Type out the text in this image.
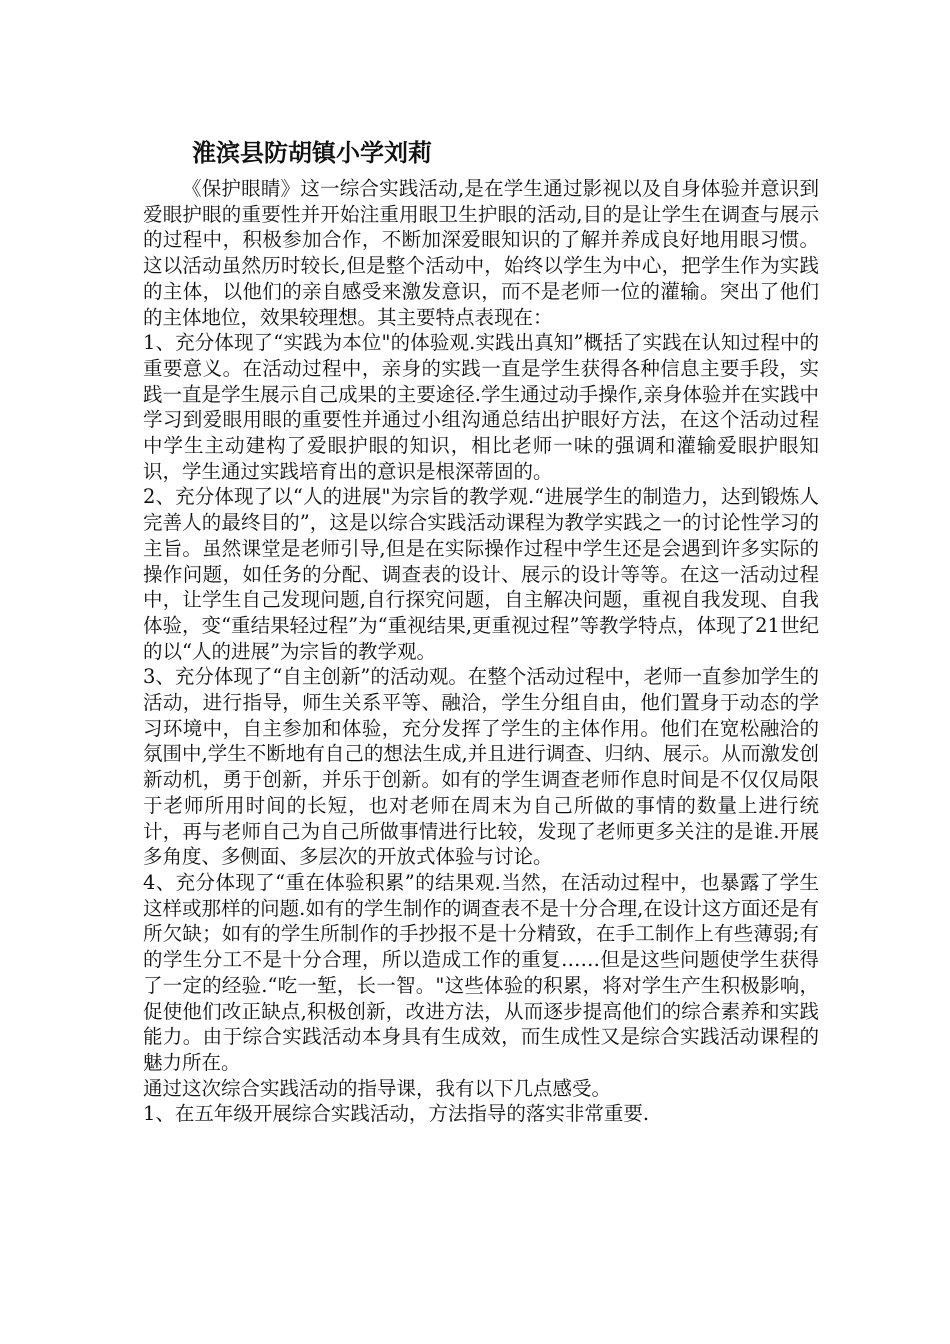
淮滨县防胡镇小学刘莉

《保护眼睛》这一综合实践活动,是在学生通过影视以及自身体验并意识到爱眼护眼的重要性并开始注重用眼卫生护眼的活动,目的是让学生在调查与展示的过程中，积极参加合作，不断加深爱眼知识的了解并养成良好地用眼习惯。这以活动虽然历时较长,但是整个活动中，始终以学生为中心，把学生作为实践的主体，以他们的亲自感受来激发意识，而不是老师一位的灌输。突出了他们的主体地位，效果较理想。其主要特点表现在：

1、充分体现了“实践为本位"的体验观.实践出真知”概括了实践在认知过程中的重要意义。在活动过程中，亲身的实践一直是学生获得各种信息主要手段，实践一直是学生展示自己成果的主要途径.学生通过动手操作,亲身体验并在实践中学习到爱眼用眼的重要性并通过小组沟通总结出护眼好方法，在这个活动过程中学生主动建构了爱眼护眼的知识，相比老师一味的强调和灌输爱眼护眼知识，学生通过实践培育出的意识是根深蒂固的。

2、充分体现了以“人的进展"为宗旨的教学观.“进展学生的制造力，达到锻炼人完善人的最终目的”，这是以综合实践活动课程为教学实践之一的讨论性学习的主旨。虽然课堂是老师引导,但是在实际操作过程中学生还是会遇到许多实际的操作问题，如任务的分配、调查表的设计、展示的设计等等。在这一活动过程中，让学生自己发现问题,自行探究问题，自主解决问题，重视自我发现、自我体验，变“重结果轻过程”为“重视结果,更重视过程”等教学特点，体现了21世纪的以“人的进展”为宗旨的教学观。

3、充分体现了“自主创新”的活动观。在整个活动过程中，老师一直参加学生的活动，进行指导，师生关系平等、融洽，学生分组自由，他们置身于动态的学习环境中，自主参加和体验，充分发挥了学生的主体作用。他们在宽松融洽的氛围中,学生不断地有自己的想法生成,并且进行调查、归纳、展示。从而激发创新动机，勇于创新，并乐于创新。如有的学生调查老师作息时间是不仅仅局限于老师所用时间的长短，也对老师在周末为自己所做的事情的数量上进行统计，再与老师自己为自己所做事情进行比较，发现了老师更多关注的是谁.开展多角度、多侧面、多层次的开放式体验与讨论。

4、充分体现了“重在体验积累”的结果观.当然，在活动过程中，也暴露了学生这样或那样的问题.如有的学生制作的调查表不是十分合理,在设计这方面还是有所欠缺；如有的学生所制作的手抄报不是十分精致，在手工制作上有些薄弱;有的学生分工不是十分合理，所以造成工作的重复……但是这些问题使学生获得了一定的经验.“吃一堑，长一智。"这些体验的积累，将对学生产生积极影响，促使他们改正缺点,积极创新，改进方法，从而逐步提高他们的综合素养和实践能力。由于综合实践活动本身具有生成效，而生成性又是综合实践活动课程的魅力所在。

通过这次综合实践活动的指导课，我有以下几点感受。

1、在五年级开展综合实践活动，方法指导的落实非常重要.
